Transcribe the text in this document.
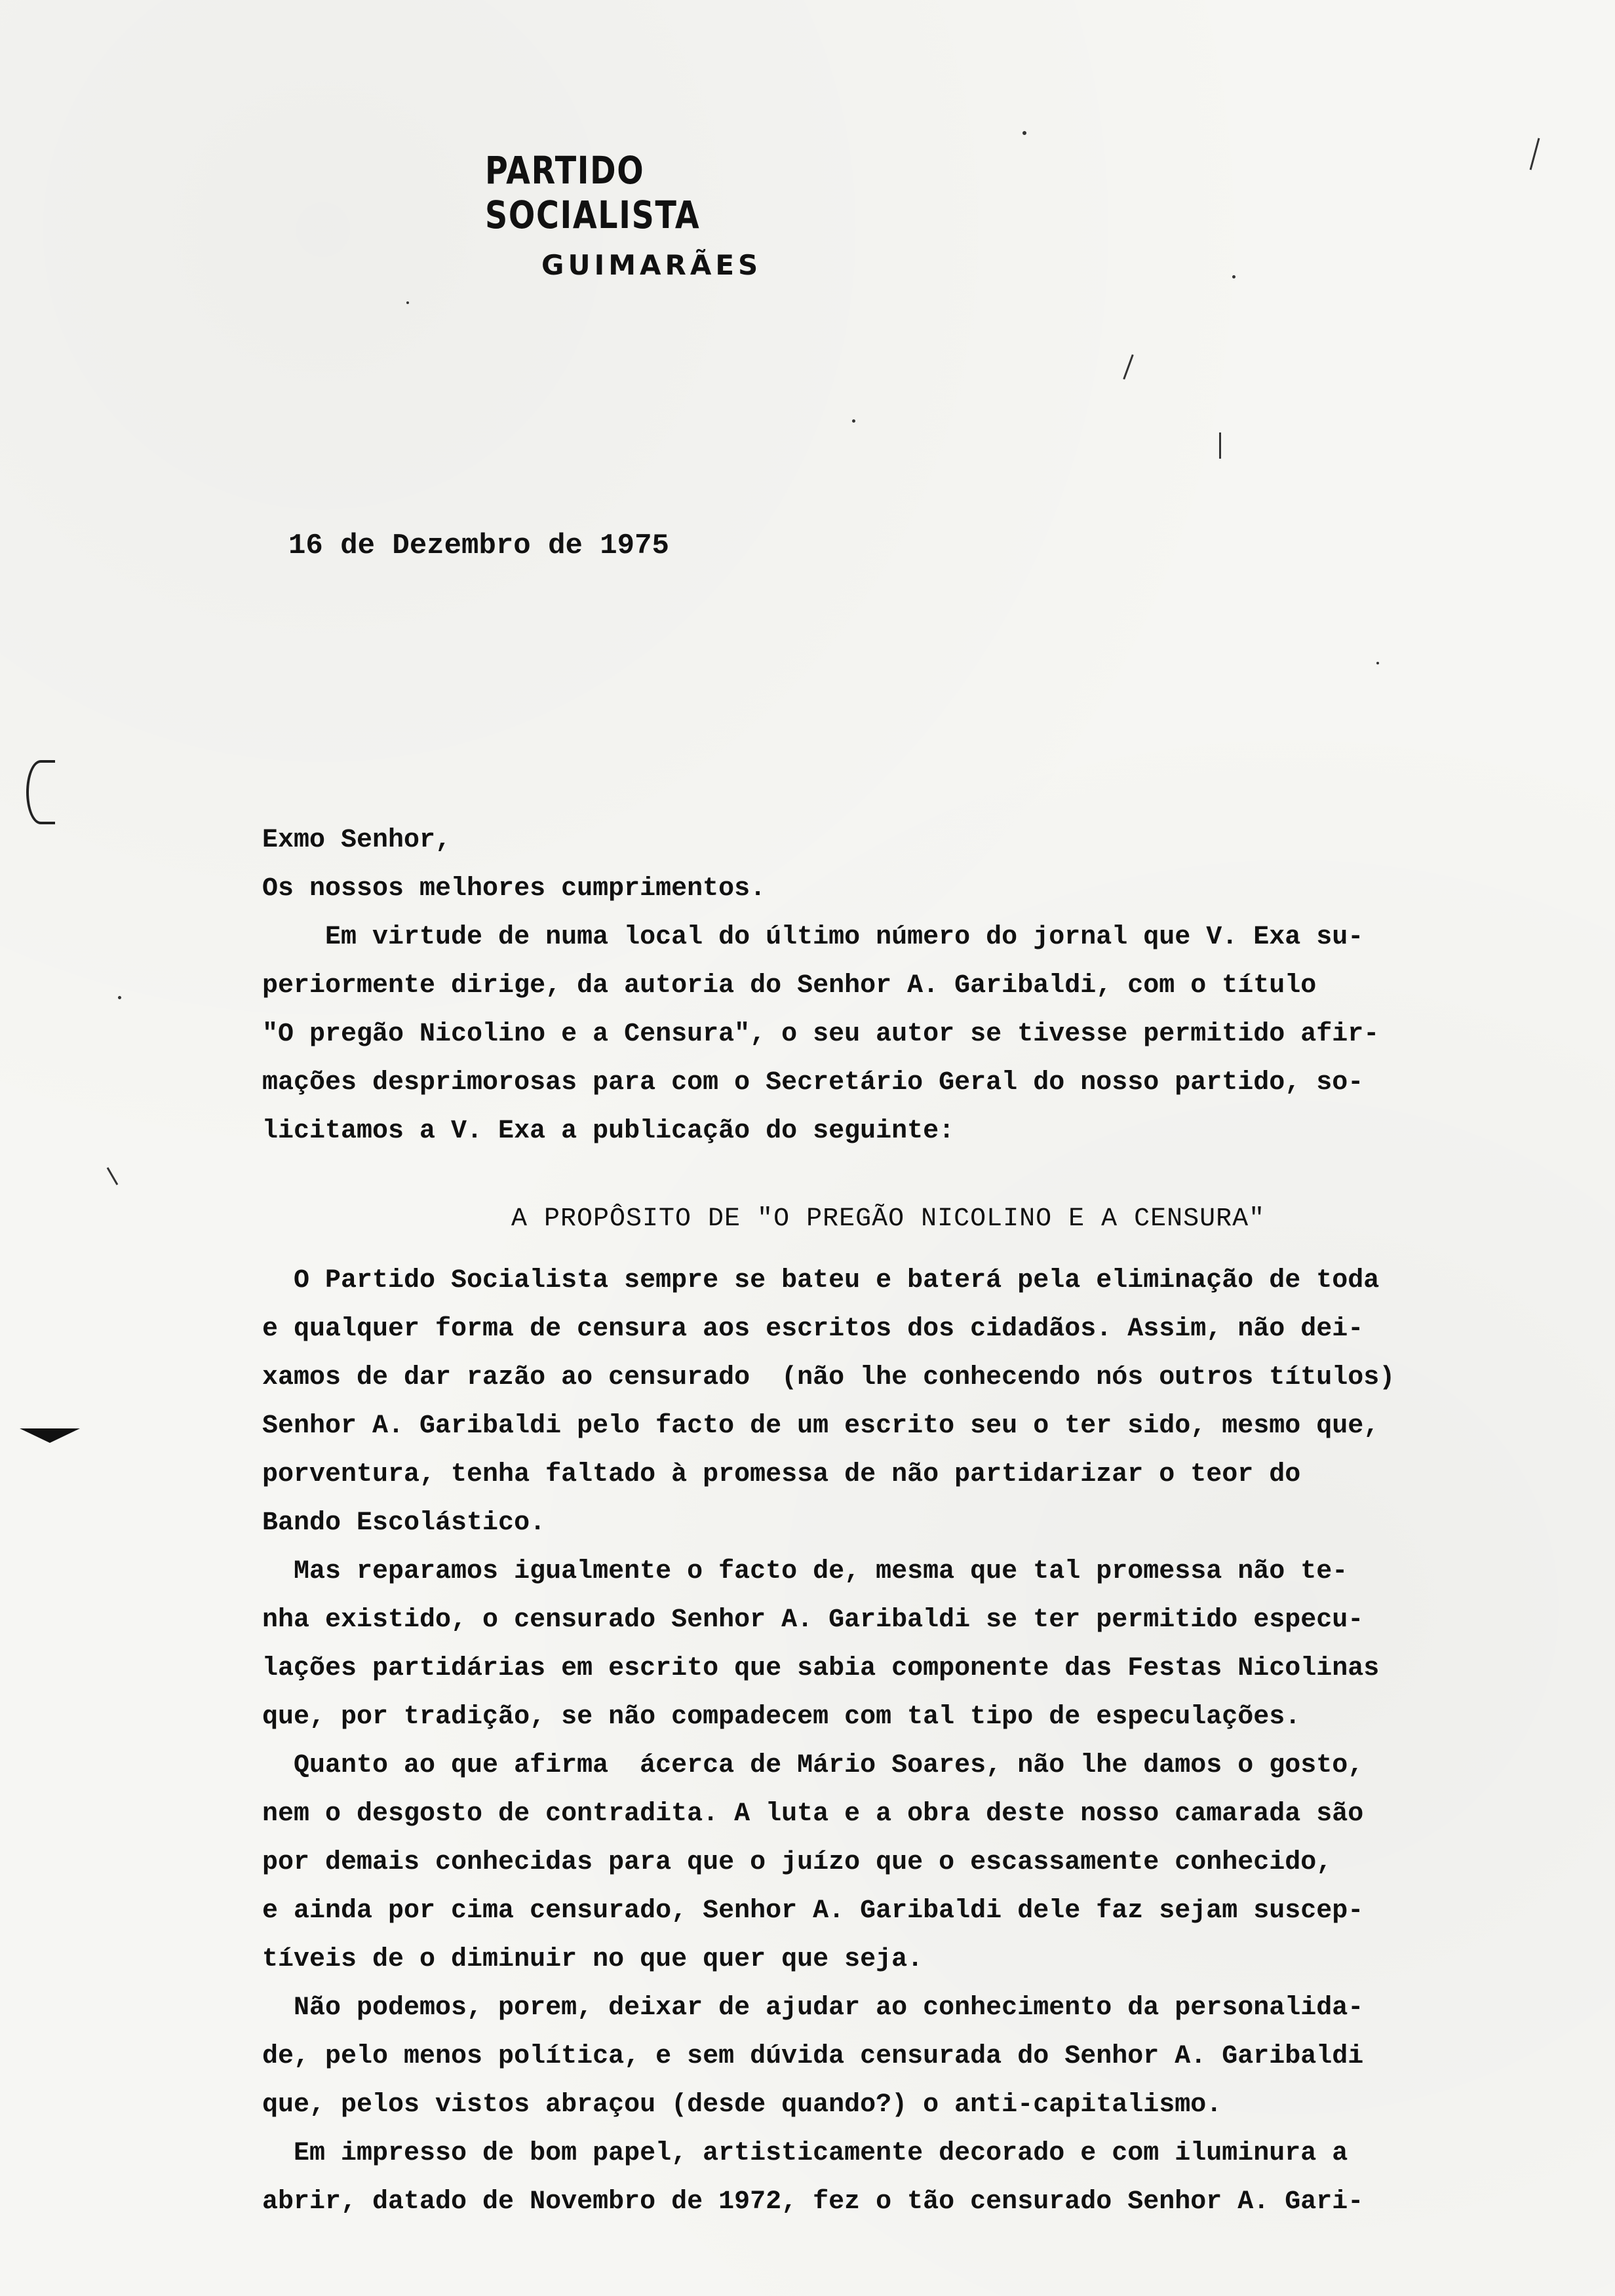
PARTIDO SOCIALISTA

GUIMARÃES

16 de Dezembro de 1975

Exmo Senhor,

Os nossos melhores cumprimentos.

Em virtude de numa local do último número do jornal que V. Exa su-

periormente dirige, da autoria do Senhor A. Garibaldi, com o título

"O pregão Nicolino e a Censura", o seu autor se tivesse permitido afir-

mações desprimorosas para com o Secretário Geral do nosso partido, so-

licitamos a V. Exa a publicação do seguinte:

A PROPÔSITO DE "O PREGÃO NICOLINO E A CENSURA"

O Partido Socialista sempre se bateu e baterá pela eliminação de toda

e qualquer forma de censura aos escritos dos cidadãos. Assim, não dei-

xamos de dar razão ao censurado  (não lhe conhecendo nós outros títulos)

Senhor A. Garibaldi pelo facto de um escrito seu o ter sido, mesmo que,

porventura, tenha faltado à promessa de não partidarizar o teor do

Bando Escolástico.

Mas reparamos igualmente o facto de, mesma que tal promessa não te-

nha existido, o censurado Senhor A. Garibaldi se ter permitido especu-

lações partidárias em escrito que sabia componente das Festas Nicolinas

que, por tradição, se não compadecem com tal tipo de especulações.

Quanto ao que afirma  ácerca de Mário Soares, não lhe damos o gosto,

nem o desgosto de contradita. A luta e a obra deste nosso camarada são

por demais conhecidas para que o juízo que o escassamente conhecido,

e ainda por cima censurado, Senhor A. Garibaldi dele faz sejam suscep-

tíveis de o diminuir no que quer que seja.

Não podemos, porem, deixar de ajudar ao conhecimento da personalida-

de, pelo menos política, e sem dúvida censurada do Senhor A. Garibaldi

que, pelos vistos abraçou (desde quando?) o anti-capitalismo.

Em impresso de bom papel, artisticamente decorado e com iluminura a

abrir, datado de Novembro de 1972, fez o tão censurado Senhor A. Gari-
